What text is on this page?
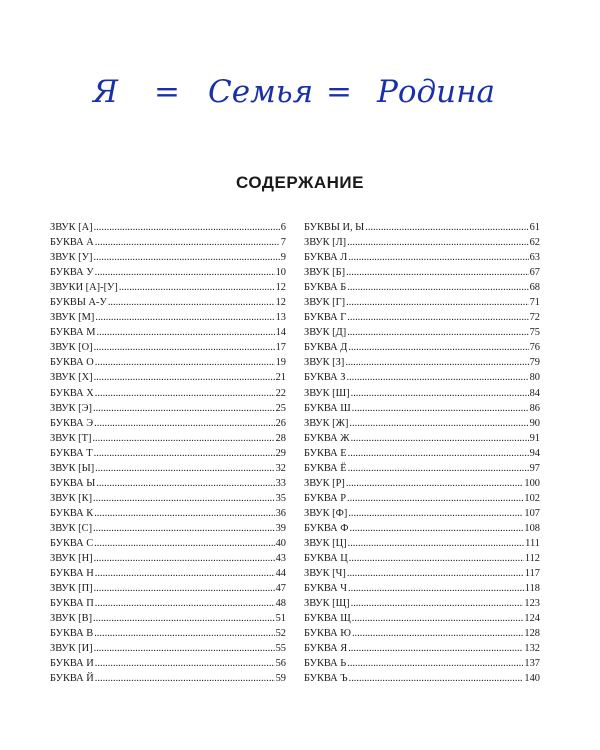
Я = Семья = Родина
СОДЕРЖАНИЕ
ЗВУК [А] .....	6
БУКВА А .....	7
ЗВУК [У] .....	9
БУКВА У .....	10
ЗВУКИ [А]-[У] .....	12
БУКВЫ А-У .....	12
ЗВУК [М] .....	13
БУКВА М .....	14
ЗВУК [О] .....	17
БУКВА О .....	19
ЗВУК [Х] .....	21
БУКВА Х .....	22
ЗВУК [Э] .....	25
БУКВА Э .....	26
ЗВУК [Т] .....	28
БУКВА Т .....	29
ЗВУК [Ы] .....	32
БУКВА Ы .....	33
ЗВУК [К] .....	35
БУКВА К .....	36
ЗВУК [С] .....	39
БУКВА С .....	40
ЗВУК [Н] .....	43
БУКВА Н .....	44
ЗВУК [П] .....	47
БУКВА П .....	48
ЗВУК [В] .....	51
БУКВА В .....	52
ЗВУК [И] .....	55
БУКВА И .....	56
БУКВА Й .....	59
БУКВЫ И, Ы .....	61
ЗВУК [Л] .....	62
БУКВА Л .....	63
ЗВУК [Б] .....	67
БУКВА Б .....	68
ЗВУК [Г] .....	71
БУКВА Г .....	72
ЗВУК [Д] .....	75
БУКВА Д .....	76
ЗВУК [З] .....	79
БУКВА З .....	80
ЗВУК [Ш] .....	84
БУКВА Ш .....	86
ЗВУК [Ж] .....	90
БУКВА Ж .....	91
БУКВА Е .....	94
БУКВА Ё .....	97
ЗВУК [Р] .....	100
БУКВА Р .....	102
ЗВУК [Ф] .....	107
БУКВА Ф .....	108
ЗВУК [Ц] .....	111
БУКВА Ц .....	112
ЗВУК [Ч] .....	117
БУКВА Ч .....	118
ЗВУК [Щ] .....	123
БУКВА Щ .....	124
БУКВА Ю .....	128
БУКВА Я .....	132
БУКВА Ь .....	137
БУКВА Ъ .....	140
